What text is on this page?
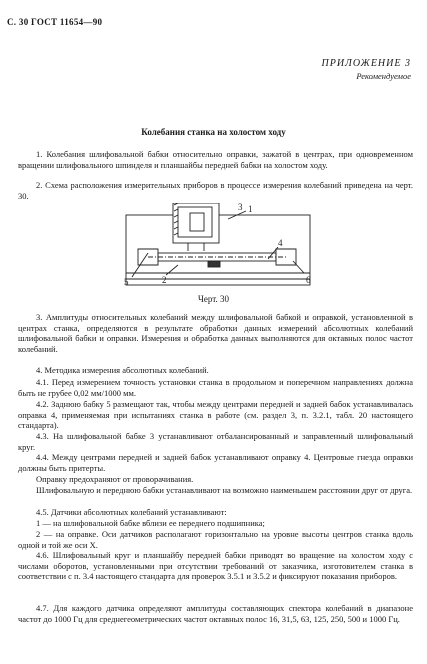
С. 30 ГОСТ 11654—90
ПРИЛОЖЕНИЕ 3
Рекомендуемое
Колебания станка на холостом ходу
1. Колебания шлифовальной бабки относительно оправки, зажатой в центрах, при одновременном вращении шлифовального шпинделя и планшайбы передней бабки на холостом ходу.
2. Схема расположения измерительных приборов в процессе измерения колебаний приведена на черт. 30.
1
2
3
4
5	6
Черт. 30
3. Амплитуды относительных колебаний между шлифовальной бабкой и оправкой, установленной в центрах станка, определяются в результате обработки данных измерений абсолютных колебаний шлифовальной бабки и оправки. Измерения и обработка данных выполняются для октавных полос частот колебаний.
4. Методика измерения абсолютных колебаний.
4.1. Перед измерением точность установки станка в продольном и поперечном направлениях должна быть не грубее 0,02 мм/1000 мм.
4.2. Заднюю бабку 5 размещают так, чтобы между центрами передней и задней бабок устанавливалась оправка 4, применяемая при испытаниях станка в работе (см. раздел 3, п. 3.2.1, табл. 20 настоящего стандарта).
4.3. На шлифовальной бабке 3 устанавливают отбалансированный и заправленный шлифовальный круг.
4.4. Между центрами передней и задней бабок устанавливают оправку 4. Центровые гнезда оправки должны быть притерты.
Оправку предохраняют от проворачивания.
Шлифовальную и переднюю бабки устанавливают на возможно наименьшем расстоянии друг от друга.
4.5. Датчики абсолютных колебаний устанавливают:
1 — на шлифовальной бабке вблизи ее переднего подшипника;
2 — на оправке. Оси датчиков располагают горизонтально на уровне высоты центров станка вдоль одной и той же оси X.
4.6. Шлифовальный круг и планшайбу передней бабки приводят во вращение на холостом ходу с числами оборотов, установленными при отсутствии требований от заказчика, изготовителем станка в соответствии с п. 3.4 настоящего стандарта для проверок 3.5.1 и 3.5.2 и фиксируют показания приборов.
4.7. Для каждого датчика определяют амплитуды составляющих спектора колебаний в диапазоне частот до 1000 Гц для среднегеометрических частот октавных полос 16, 31,5, 63, 125, 250, 500 и 1000 Гц.
